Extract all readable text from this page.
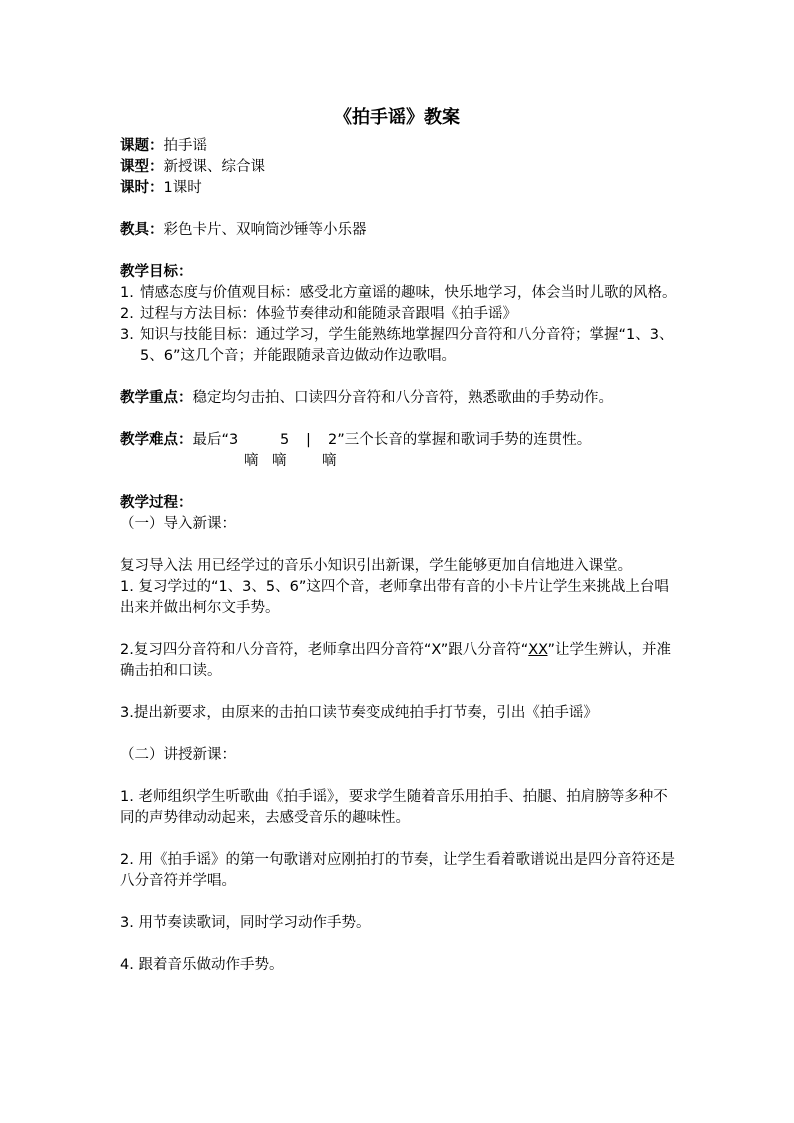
《拍手谣》教案
课题：拍手谣
课型：新授课、综合课
课时：1课时
教具：彩色卡片、双响筒沙锤等小乐器
教学目标：
1. 情感态度与价值观目标：感受北方童谣的趣味，快乐地学习，体会当时儿歌的风格。
2. 过程与方法目标：体验节奏律动和能随录音跟唱《拍手谣》
3. 知识与技能目标：通过学习，学生能熟练地掌握四分音符和八分音符；掌握“1、3、5、6”这几个音；并能跟随录音边做动作边歌唱。
教学重点：稳定均匀击拍、口读四分音符和八分音符，熟悉歌曲的手势动作。
教学难点：最后“3	5 | 2”三个长音的掌握和歌词手势的连贯性。
嘀 嘀 嘀
教学过程：
（一）导入新课：
复习导入法 用已经学过的音乐小知识引出新课，学生能够更加自信地进入课堂。
1. 复习学过的“1、3、5、6”这四个音，老师拿出带有音的小卡片让学生来挑战上台唱出来并做出柯尔文手势。
2.复习四分音符和八分音符，老师拿出四分音符“X”跟八分音符“XX”让学生辨认，并准确击拍和口读。
3.提出新要求，由原来的击拍口读节奏变成纯拍手打节奏，引出《拍手谣》
（二）讲授新课：
1. 老师组织学生听歌曲《拍手谣》，要求学生随着音乐用拍手、拍腿、拍肩膀等多种不同的声势律动动起来，去感受音乐的趣味性。
2. 用《拍手谣》的第一句歌谱对应刚拍打的节奏，让学生看着歌谱说出是四分音符还是八分音符并学唱。
3. 用节奏读歌词，同时学习动作手势。
4. 跟着音乐做动作手势。
